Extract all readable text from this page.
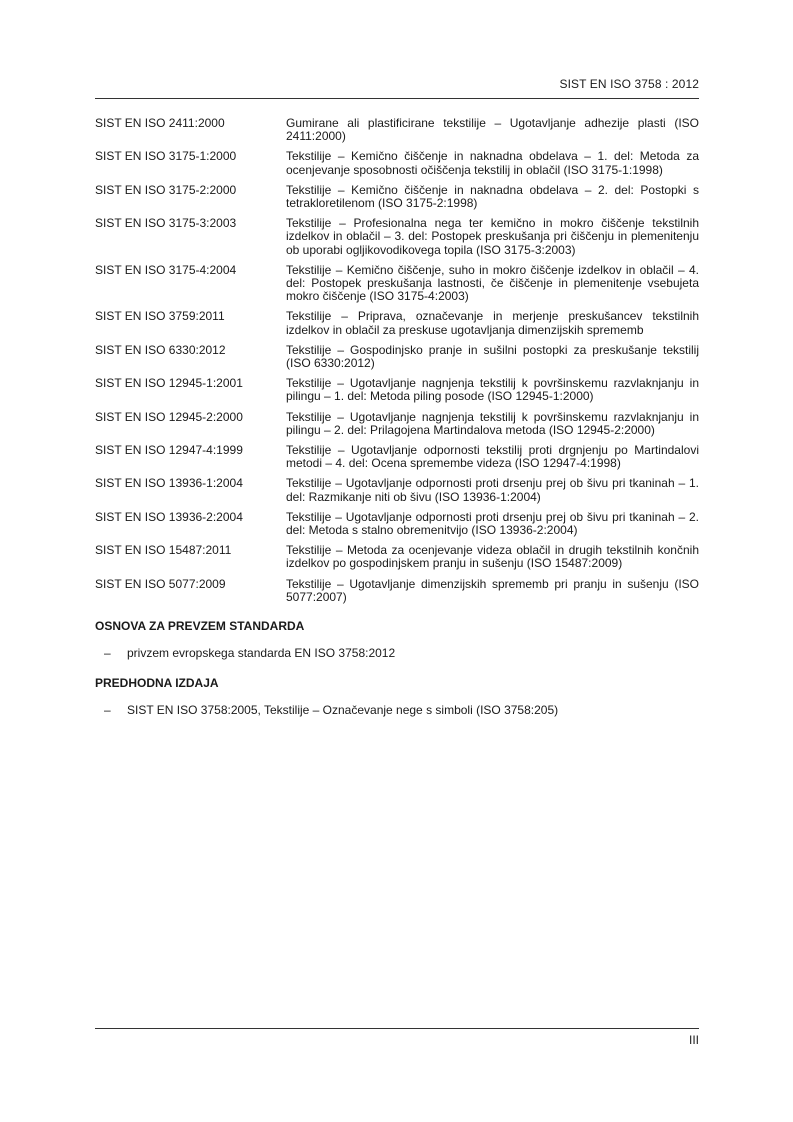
SIST EN ISO 3758 : 2012
SIST EN ISO 2411:2000	Gumirane ali plastificirane tekstilije – Ugotavljanje adhezije plasti (ISO 2411:2000)
SIST EN ISO 3175-1:2000	Tekstilije – Kemično čiščenje in naknadna obdelava – 1. del: Metoda za ocenjevanje sposobnosti očiščenja tekstilij in oblačil (ISO 3175-1:1998)
SIST EN ISO 3175-2:2000	Tekstilije – Kemično čiščenje in naknadna obdelava – 2. del: Postopki s tetrakloretilenom (ISO 3175-2:1998)
SIST EN ISO 3175-3:2003	Tekstilije – Profesionalna nega ter kemično in mokro čiščenje tekstilnih izdelkov in oblačil – 3. del: Postopek preskušanja pri čiščenju in plemenitenju ob uporabi ogljikovodikovega topila (ISO 3175-3:2003)
SIST EN ISO 3175-4:2004	Tekstilije – Kemično čiščenje, suho in mokro čiščenje izdelkov in oblačil – 4. del: Postopek preskušanja lastnosti, če čiščenje in plemenitenje vsebujeta mokro čiščenje (ISO 3175-4:2003)
SIST EN ISO 3759:2011	Tekstilije – Priprava, označevanje in merjenje preskušancev tekstilnih izdelkov in oblačil za preskuse ugotavljanja dimenzijskih sprememb
SIST EN ISO 6330:2012	Tekstilije – Gospodinjsko pranje in sušilni postopki za preskušanje tekstilij (ISO 6330:2012)
SIST EN ISO 12945-1:2001	Tekstilije – Ugotavljanje nagnjenja tekstilij k površinskemu razvlaknjanju in pilingu – 1. del: Metoda piling posode (ISO 12945-1:2000)
SIST EN ISO 12945-2:2000	Tekstilije – Ugotavljanje nagnjenja tekstilij k površinskemu razvlaknjanju in pilingu – 2. del: Prilagojena Martindalova metoda (ISO 12945-2:2000)
SIST EN ISO 12947-4:1999	Tekstilije – Ugotavljanje odpornosti tekstilij proti drgnjenju po Martindalovi metodi – 4. del: Ocena spremembe videza (ISO 12947-4:1998)
SIST EN ISO 13936-1:2004	Tekstilije – Ugotavljanje odpornosti proti drsenju prej ob šivu pri tkaninah – 1. del: Razmikanje niti ob šivu (ISO 13936-1:2004)
SIST EN ISO 13936-2:2004	Tekstilije – Ugotavljanje odpornosti proti drsenju prej ob šivu pri tkaninah – 2. del: Metoda s stalno obremenitvijo (ISO 13936-2:2004)
SIST EN ISO 15487:2011	Tekstilije – Metoda za ocenjevanje videza oblačil in drugih tekstilnih končnih izdelkov po gospodinjskem pranju in sušenju (ISO 15487:2009)
SIST EN ISO 5077:2009	Tekstilije – Ugotavljanje dimenzijskih sprememb pri pranju in sušenju (ISO 5077:2007)
OSNOVA ZA PREVZEM STANDARDA
–	privzem evropskega standarda EN ISO 3758:2012
PREDHODNA IZDAJA
–	SIST EN ISO 3758:2005, Tekstilije – Označevanje nege s simboli (ISO 3758:205)
III
